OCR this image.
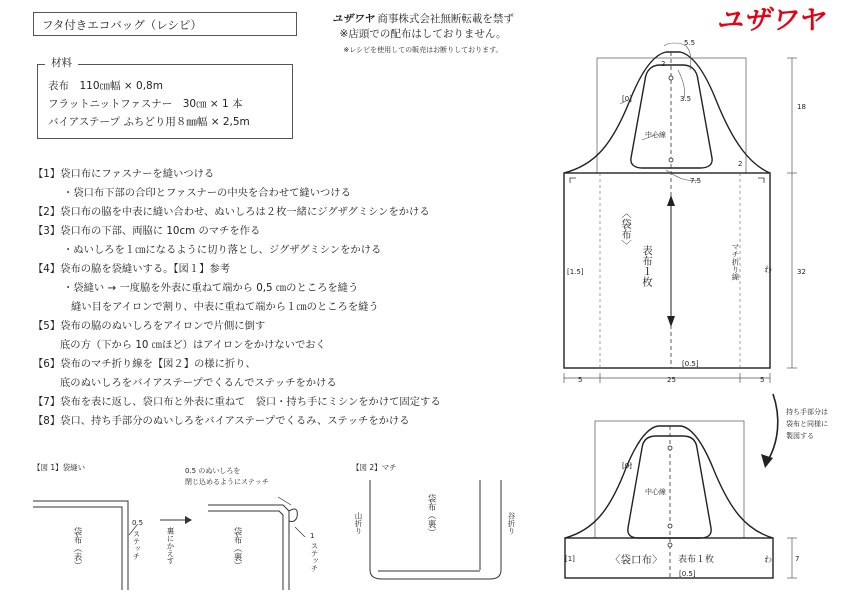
フタ付きエコバッグ（レシピ）	ユザワヤ 商事株式会社無断転載を禁ず
※店頭での配布はしておりません。
※レシピを使用しての販売はお断りしております。
ユザワヤ
表布　110㎝幅 × 0,8m
フラットニットファスナー　30㎝ × 1 本
バイアステープ ふちどり用８㎜幅 × 2,5m
材料
【1】袋口布にファスナーを縫いつける
・袋口布下部の合印とファスナーの中央を合わせて縫いつける
【2】袋口布の脇を中表に縫い合わせ、ぬいしろは２枚一緒にジグザグミシンをかける
【3】袋口布の下部、両脇に 10cm のマチを作る
・ぬいしろを１㎝になるように切り落とし、ジグザグミシンをかける
【4】袋布の脇を袋縫いする。【図１】参考
・袋縫い → 一度脇を外表に重ねて端から 0,5 ㎝のところを縫う
縫い目をアイロンで割り、中表に重ねて端から１㎝のところを縫う
【5】袋布の脇のぬいしろをアイロンで片側に倒す
底の方（下から 10 ㎝ほど）はアイロンをかけないでおく
【6】袋布のマチ折り線を【図２】の様に折り、
底のぬいしろをバイアステープでくるんでステッチをかける
【7】袋布を表に返し、袋口布と外表に重ねて　袋口・持ち手にミシンをかけて固定する
【8】袋口、持ち手部分のぬいしろをバイアステープでくるみ、ステッチをかける
【図 1】袋縫い
袋布（表）
0.5
ステッチ	裏にかえす
0.5 のぬいしろを
閉じ込めるようにステッチ
袋布（裏）	1
ステッチ
【図 2】マチ
山折り	袋布（裏）	谷折り
5.5
2
3.5
[0]
中心線
2
7.5
18
〈袋布〉
表布１枚	マチ折り線	わ	32
[1.5]
[0.5]
5	25	5
持ち手部分は
袋布と同様に
製図する
[0]
中心線
[1]	〈袋口布〉 表布１枚	わ	7
[0.5]
